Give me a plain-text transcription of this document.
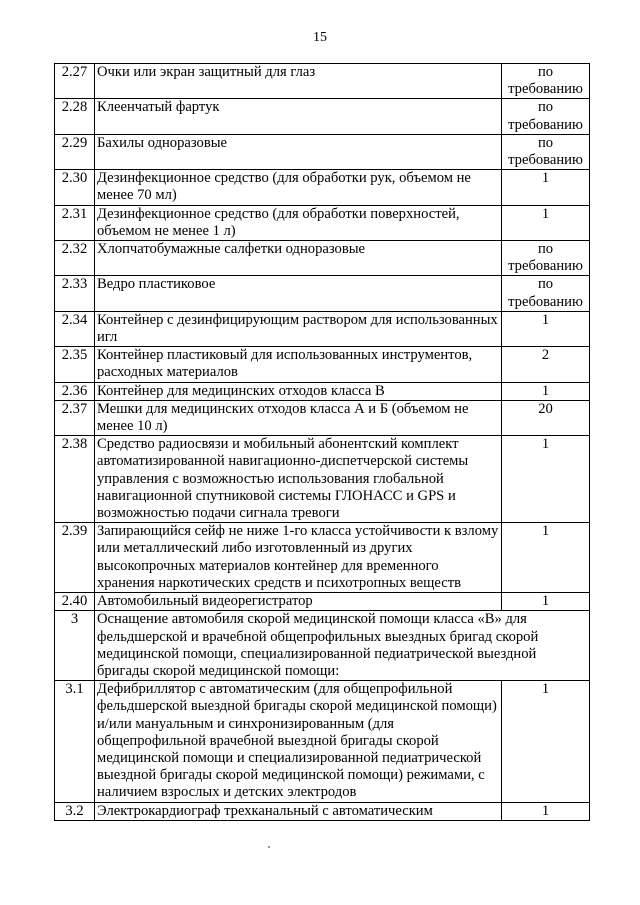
15
2.27	Очки или экран защитный для глаз	по требованию
2.28	Клеенчатый фартук	по требованию
2.29	Бахилы одноразовые	по требованию
2.30	Дезинфекционное средство (для обработки рук, объемом не менее 70 мл)	1
2.31	Дезинфекционное средство (для обработки поверхностей, объемом не менее 1 л)	1
2.32	Хлопчатобумажные салфетки одноразовые	по требованию
2.33	Ведро пластиковое	по требованию
2.34	Контейнер с дезинфицирующим раствором для использованных игл	1
2.35	Контейнер пластиковый для использованных инструментов, расходных материалов	2
2.36	Контейнер для медицинских отходов класса В	1
2.37	Мешки для медицинских отходов класса А и Б (объемом не менее 10 л)	20
2.38	Средство радиосвязи и мобильный абонентский комплект автоматизированной навигационно-диспетчерской системы управления с возможностью использования глобальной навигационной спутниковой системы ГЛОНАСС и GPS и возможностью подачи сигнала тревоги	1
2.39	Запирающийся сейф не ниже 1-го класса устойчивости к взлому или металлический либо изготовленный из других высокопрочных материалов контейнер для временного хранения наркотических средств и психотропных веществ	1
2.40	Автомобильный видеорегистратор	1
3	Оснащение автомобиля скорой медицинской помощи класса «В» для фельдшерской и врачебной общепрофильных выездных бригад скорой медицинской помощи, специализированной педиатрической выездной бригады скорой медицинской помощи:	
3.1	Дефибриллятор с автоматическим (для общепрофильной фельдшерской выездной бригады скорой медицинской помощи) и/или мануальным и синхронизированным (для общепрофильной врачебной выездной бригады скорой медицинской помощи и специализированной педиатрической выездной бригады скорой медицинской помощи) режимами, с наличием взрослых и детских электродов	1
3.2	Электрокардиограф трехканальный с автоматическим	1
